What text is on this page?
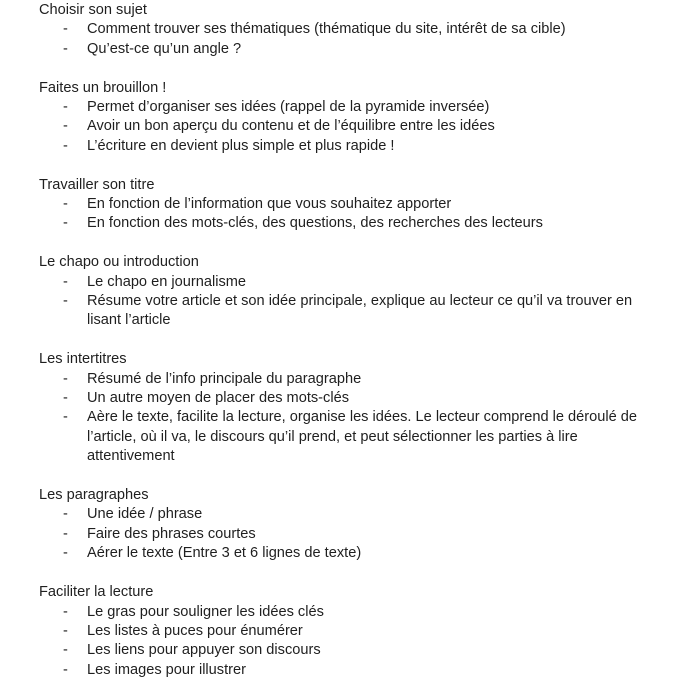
Choisir son sujet

- Comment trouver ses thématiques (thématique du site, intérêt de sa cible)
- Qu’est-ce qu’un angle ?

Faites un brouillon !

- Permet d’organiser ses idées (rappel de la pyramide inversée)
- Avoir un bon aperçu du contenu et de l’équilibre entre les idées
- L’écriture en devient plus simple et plus rapide !

Travailler son titre

- En fonction de l’information que vous souhaitez apporter
- En fonction des mots-clés, des questions, des recherches des lecteurs

Le chapo ou introduction

- Le chapo en journalisme
- Résume votre article et son idée principale, explique au lecteur ce qu’il va trouver en lisant l’article

Les intertitres

- Résumé de l’info principale du paragraphe
- Un autre moyen de placer des mots-clés
- Aère le texte, facilite la lecture, organise les idées. Le lecteur comprend le déroulé de l’article, où il va, le discours qu’il prend, et peut sélectionner les parties à lire attentivement

Les paragraphes

- Une idée / phrase
- Faire des phrases courtes
- Aérer le texte (Entre 3 et 6 lignes de texte)

Faciliter la lecture

- Le gras pour souligner les idées clés
- Les listes à puces pour énumérer
- Les liens pour appuyer son discours
- Les images pour illustrer
